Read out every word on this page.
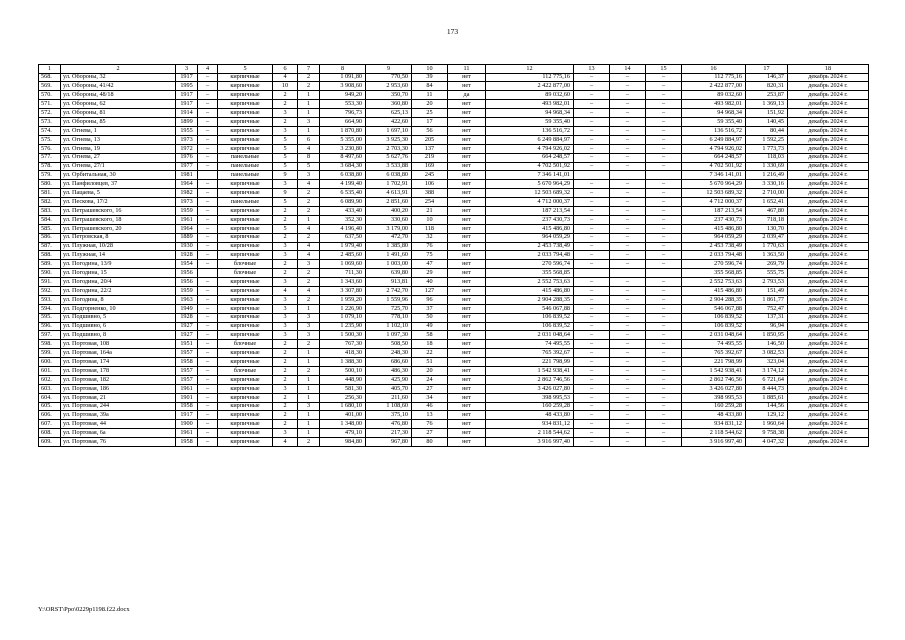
173
1	2	3	4	5	6	7	8	9	10	11	12	13	14	15	16	17	18
568.	ул. Обороны, 32	1917	–	кирпичные	4	2	1 091,80	770,50	39	нет	112 775,16	–	–	–	112 775,16	146,37	декабрь 2024 г.
569.	ул. Обороны, 41/42	1995	–	кирпичные	10	2	3 908,60	2 953,60	84	нет	2 422 877,00	–	–	–	2 422 877,00	820,31	декабрь 2024 г.
570.	ул. Обороны, 48/18	1917	–	кирпичные	2	1	949,20	350,70	11	да	89 032,60	–	–	–	89 032,60	253,87	декабрь 2024 г.
571.	ул. Обороны, 62	1917	–	кирпичные	2	1	553,30	360,80	20	нет	493 982,01	–	–	–	493 982,01	1 369,13	декабрь 2024 г.
572.	ул. Обороны, 81	1914	–	кирпичные	3	1	796,73	625,13	25	нет	94 968,34	–	–	–	94 968,34	151,92	декабрь 2024 г.
573.	ул. Обороны, 85	1899	–	кирпичные	2	3	664,90	422,60	17	нет	59 355,40	–	–	–	59 355,40	140,45	декабрь 2024 г.
574.	ул. Огнева, 1	1955	–	кирпичные	3	1	1 870,80	1 697,10	56	нет	136 516,72	–	–	–	136 516,72	80,44	декабрь 2024 г.
575.	ул. Огнева, 13	1973	–	кирпичные	5	6	5 355,00	3 925,30	205	нет	6 249 884,97	–	–	–	6 249 884,97	1 592,25	декабрь 2024 г.
576.	ул. Огнева, 19	1972	–	кирпичные	5	4	3 230,80	2 703,30	137	нет	4 794 926,02	–	–	–	4 794 926,02	1 773,73	декабрь 2024 г.
577.	ул. Огнева, 27	1976	–	панельные	5	8	8 497,60	5 627,76	219	нет	664 248,57	–	–	–	664 248,57	118,03	декабрь 2024 г.
578.	ул. Огнева, 27/1	1977	–	панельные	5	5	3 684,30	3 533,88	169	нет	4 702 501,92	–	–	–	4 702 501,92	1 330,69	декабрь 2024 г.
579.	ул. Орбитальная, 30	1981		панельные	9	3	6 038,80	6 038,80	245	нет	7 346 141,01				7 346 141,01	1 216,49	декабрь 2024 г.
580.	ул. Панфиловцев, 37	1964	–	кирпичные	3	4	4 199,40	1 702,91	106	нет	5 670 964,29	–	–	–	5 670 964,29	3 330,16	декабрь 2024 г.
581.	ул. Пацаева, 5	1982	–	кирпичные	9	2	6 535,40	4 613,91	388	нет	12 503 689,32	–	–	–	12 503 689,32	2 710,00	декабрь 2024 г.
582.	ул. Пескова, 17/2	1973	–	панельные	5	2	6 089,90	2 851,60	254	нет	4 712 000,37	–	–	–	4 712 000,37	1 652,41	декабрь 2024 г.
583.	ул. Петрашевского, 16	1959	–	кирпичные	2	2	433,40	400,20	21	нет	187 213,54	–	–	–	187 213,54	467,80	декабрь 2024 г.
584.	ул. Петрашевского, 18	1961	–	кирпичные	2	1	352,30	330,60	10	нет	237 430,73	–	–	–	237 430,73	718,18	декабрь 2024 г.
585.	ул. Петрашевского, 20	1964	–	кирпичные	5	4	4 196,40	3 179,00	118	нет	415 486,80	–	–	–	415 486,80	130,70	декабрь 2024 г.
586.	ул. Петровская, 8	1889	–	кирпичные	2	2	637,50	472,70	32	нет	964 059,29	–	–	–	964 059,29	2 039,47	декабрь 2024 г.
587.	ул. Плужная, 10/28	1930	–	кирпичные	3	4	1 979,40	1 385,80	76	нет	2 453 738,49	–	–	–	2 453 738,49	1 770,63	декабрь 2024 г.
588.	ул. Плужная, 14	1928	–	кирпичные	3	4	2 485,60	1 491,60	75	нет	2 033 794,48	–	–	–	2 033 794,48	1 363,50	декабрь 2024 г.
589.	ул. Погодина, 13/9	1954	–	блочные	2	3	1 069,60	1 003,00	47	нет	270 596,74	–	–	–	270 596,74	269,79	декабрь 2024 г.
590.	ул. Погодина, 15	1956		блочные	2	2	711,30	639,80	29	нет	355 568,85				355 568,85	555,75	декабрь 2024 г.
591.	ул. Погодина, 20/4	1956	–	кирпичные	3	2	1 343,60	913,81	40	нет	2 552 753,63	–	–	–	2 552 753,63	2 793,53	декабрь 2024 г.
592.	ул. Погодина, 22/2	1959	–	кирпичные	4	4	3 307,80	2 742,70	127	нет	415 486,80	–	–	–	415 486,80	151,49	декабрь 2024 г.
593.	ул. Погодина, 8	1963	–	кирпичные	3	2	1 959,20	1 559,96	96	нет	2 904 288,35	–	–	–	2 904 288,35	1 861,77	декабрь 2024 г.
594.	ул. Подгорненко, 10	1949	–	кирпичные	3	1	1 226,90	725,70	37	нет	546 067,88	–	–	–	546 067,88	752,47	декабрь 2024 г.
595.	ул. Подшивно, 5	1928	–	кирпичные	3	3	1 079,10	778,10	50	нет	106 839,52	–	–	–	106 839,52	137,31	декабрь 2024 г.
596.	ул. Подшивно, 6	1927	–	кирпичные	3	3	1 235,90	1 102,10	49	нет	106 839,52	–	–	–	106 839,52	96,94	декабрь 2024 г.
597.	ул. Подшивно, 8	1927	–	кирпичные	3	3	1 500,30	1 097,30	58	нет	2 031 048,64	–	–	–	2 031 048,64	1 850,95	декабрь 2024 г.
598.	ул. Портовая, 108	1951	–	блочные	2	2	767,30	508,50	18	нет	74 495,55	–	–	–	74 495,55	146,50	декабрь 2024 г.
599.	ул. Портовая, 164а	1957	–	кирпичные	2	1	418,30	248,30	22	нет	765 392,67	–	–	–	765 392,67	3 082,53	декабрь 2024 г.
600.	ул. Портовая, 174	1958	–	кирпичные	2	1	1 388,30	686,60	51	нет	221 798,99	–	–	–	221 798,99	323,04	декабрь 2024 г.
601.	ул. Портовая, 178	1957	–	блочные	2	2	500,10	486,30	20	нет	1 542 938,41	–	–	–	1 542 938,41	3 174,12	декабрь 2024 г.
602.	ул. Портовая, 182	1957	–	кирпичные	2	1	448,90	425,90	24	нет	2 862 746,56	–	–	–	2 862 746,56	6 721,64	декабрь 2024 г.
603.	ул. Портовая, 186	1961	–	кирпичные	3	1	581,30	405,70	27	нет	3 426 027,80	–	–	–	3 426 027,80	8 444,73	декабрь 2024 г.
604.	ул. Портовая, 21	1901	–	кирпичные	2	1	256,30	211,60	34	нет	398 995,53	–	–	–	398 995,53	1 885,61	декабрь 2024 г.
605.	ул. Портовая, 244	1958	–	кирпичные	2	3	1 680,10	1 108,60	46	нет	160 259,28	–	–	–	160 259,28	144,56	декабрь 2024 г.
606.	ул. Портовая, 39а	1917	–	кирпичные	2	1	401,00	375,10	13	нет	48 433,80	–	–	–	48 433,80	129,12	декабрь 2024 г.
607.	ул. Портовая, 44	1900	–	кирпичные	2	1	1 348,00	476,80	76	нет	934 831,12	–	–	–	934 831,12	1 960,64	декабрь 2024 г.
608.	ул. Портовая, 6а	1961	–	кирпичные	3	1	479,10	217,30	27	нет	2 118 544,62	–	–	–	2 118 544,62	9 758,38	декабрь 2024 г.
609.	ул. Портовая, 76	1958	–	кирпичные	4	2	984,80	967,80	80	нет	3 916 997,40	–	–	–	3 916 997,40	4 047,32	декабрь 2024 г.
Y:\ORST\Ppo\0229p1198.f22.docx
